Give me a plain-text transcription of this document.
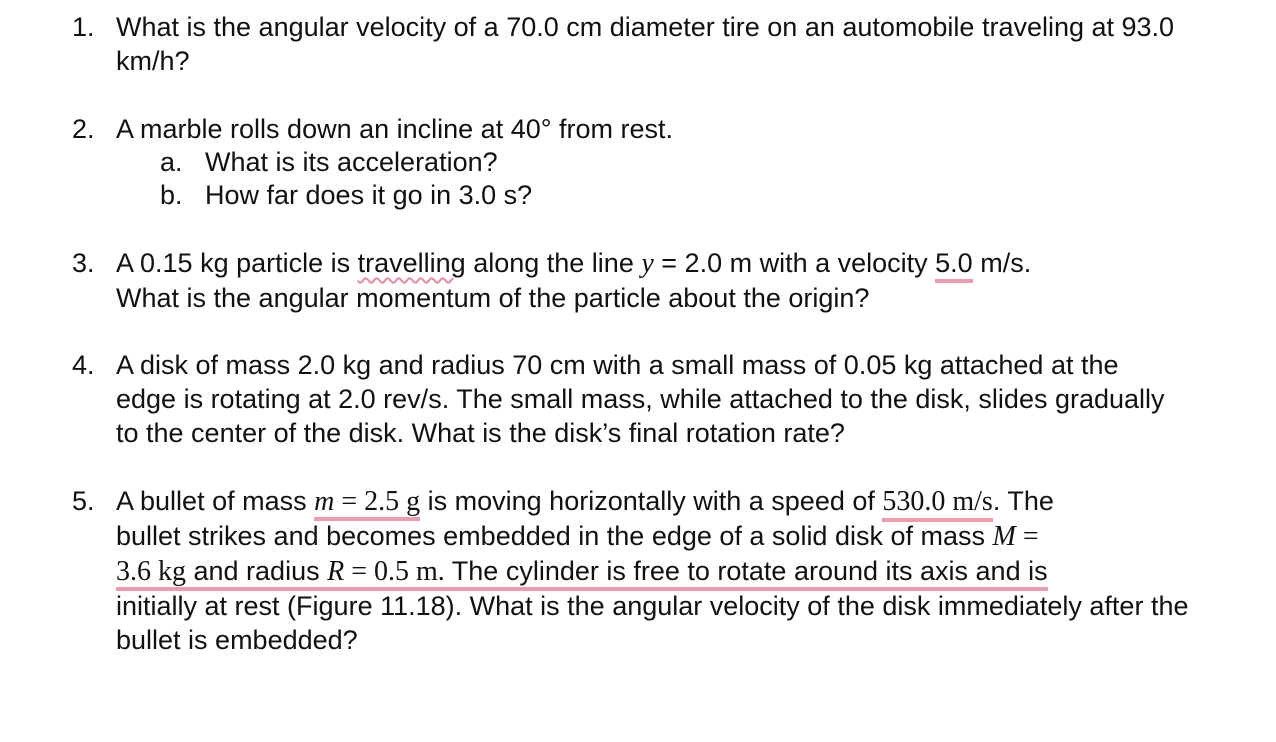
1. What is the angular velocity of a 70.0 cm diameter tire on an automobile traveling at 93.0 km/h?
2. A marble rolls down an incline at 40° from rest.
a. What is its acceleration?
b. How far does it go in 3.0 s?
3. A 0.15 kg particle is travelling along the line y = 2.0 m with a velocity 5.0 m/s.
What is the angular momentum of the particle about the origin?
4. A disk of mass 2.0 kg and radius 70 cm with a small mass of 0.05 kg attached at the edge is rotating at 2.0 rev/s. The small mass, while attached to the disk, slides gradually to the center of the disk. What is the disk’s final rotation rate?
5. A bullet of mass m = 2.5 g is moving horizontally with a speed of 530.0 m/s. The
bullet strikes and becomes embedded in the edge of a solid disk of mass M =
3.6 kg and radius R = 0.5 m. The cylinder is free to rotate around its axis and is
initially at rest (Figure 11.18). What is the angular velocity of the disk immediately after the bullet is embedded?
